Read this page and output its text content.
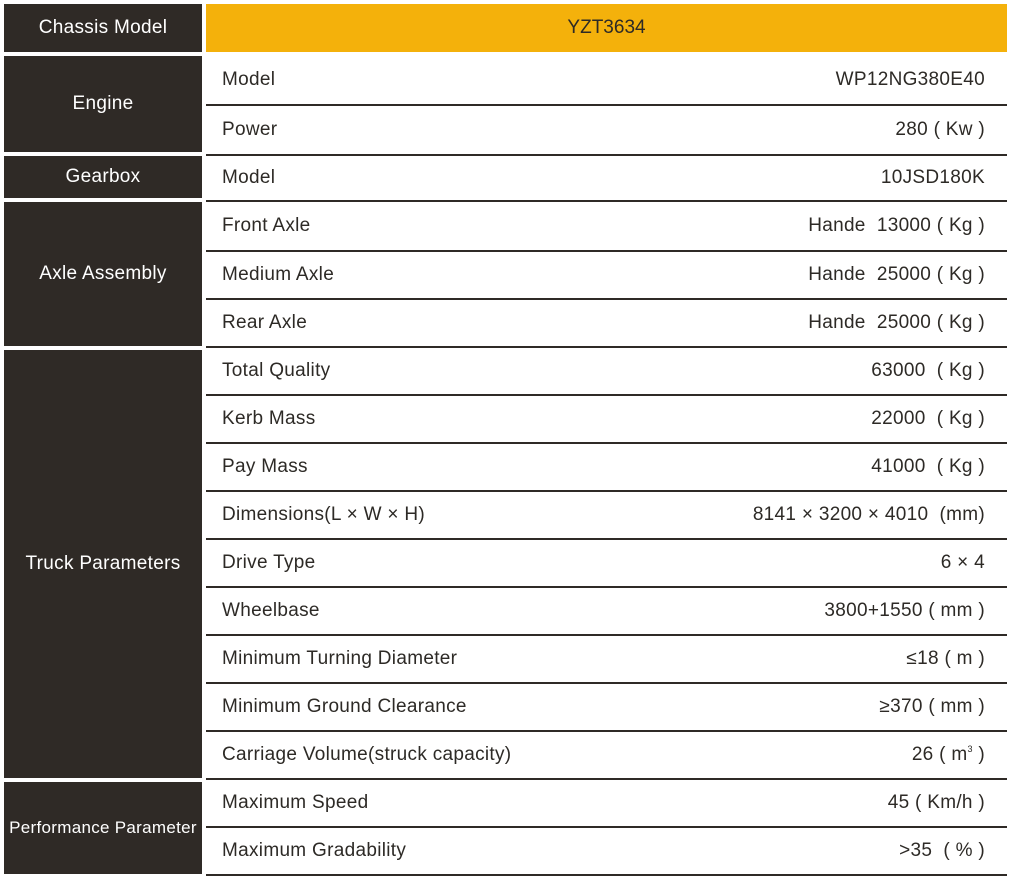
Chassis Model	YZT3634
Engine
Model	WP12NG380E40
Power	280 ( Kw )
Gearbox	Model	10JSD180K
Axle Assembly
Front Axle	Hande  13000 ( Kg )
Medium Axle	Hande  25000 ( Kg )
Rear Axle	Hande  25000 ( Kg )
Truck Parameters
Total Quality	63000  ( Kg )
Kerb Mass	22000  ( Kg )
Pay Mass	41000  ( Kg )
Dimensions(L × W × H)	8141 × 3200 × 4010  (mm)
Drive Type	6 × 4
Wheelbase	3800+1550 ( mm )
Minimum Turning Diameter	≤18 ( m )
Minimum Ground Clearance	≥370 ( mm )
Carriage Volume(struck capacity)	26 ( $m^3$ )
Performance Parameter
Maximum Speed	45 ( Km/h )
Maximum Gradability	>35  ( % )
